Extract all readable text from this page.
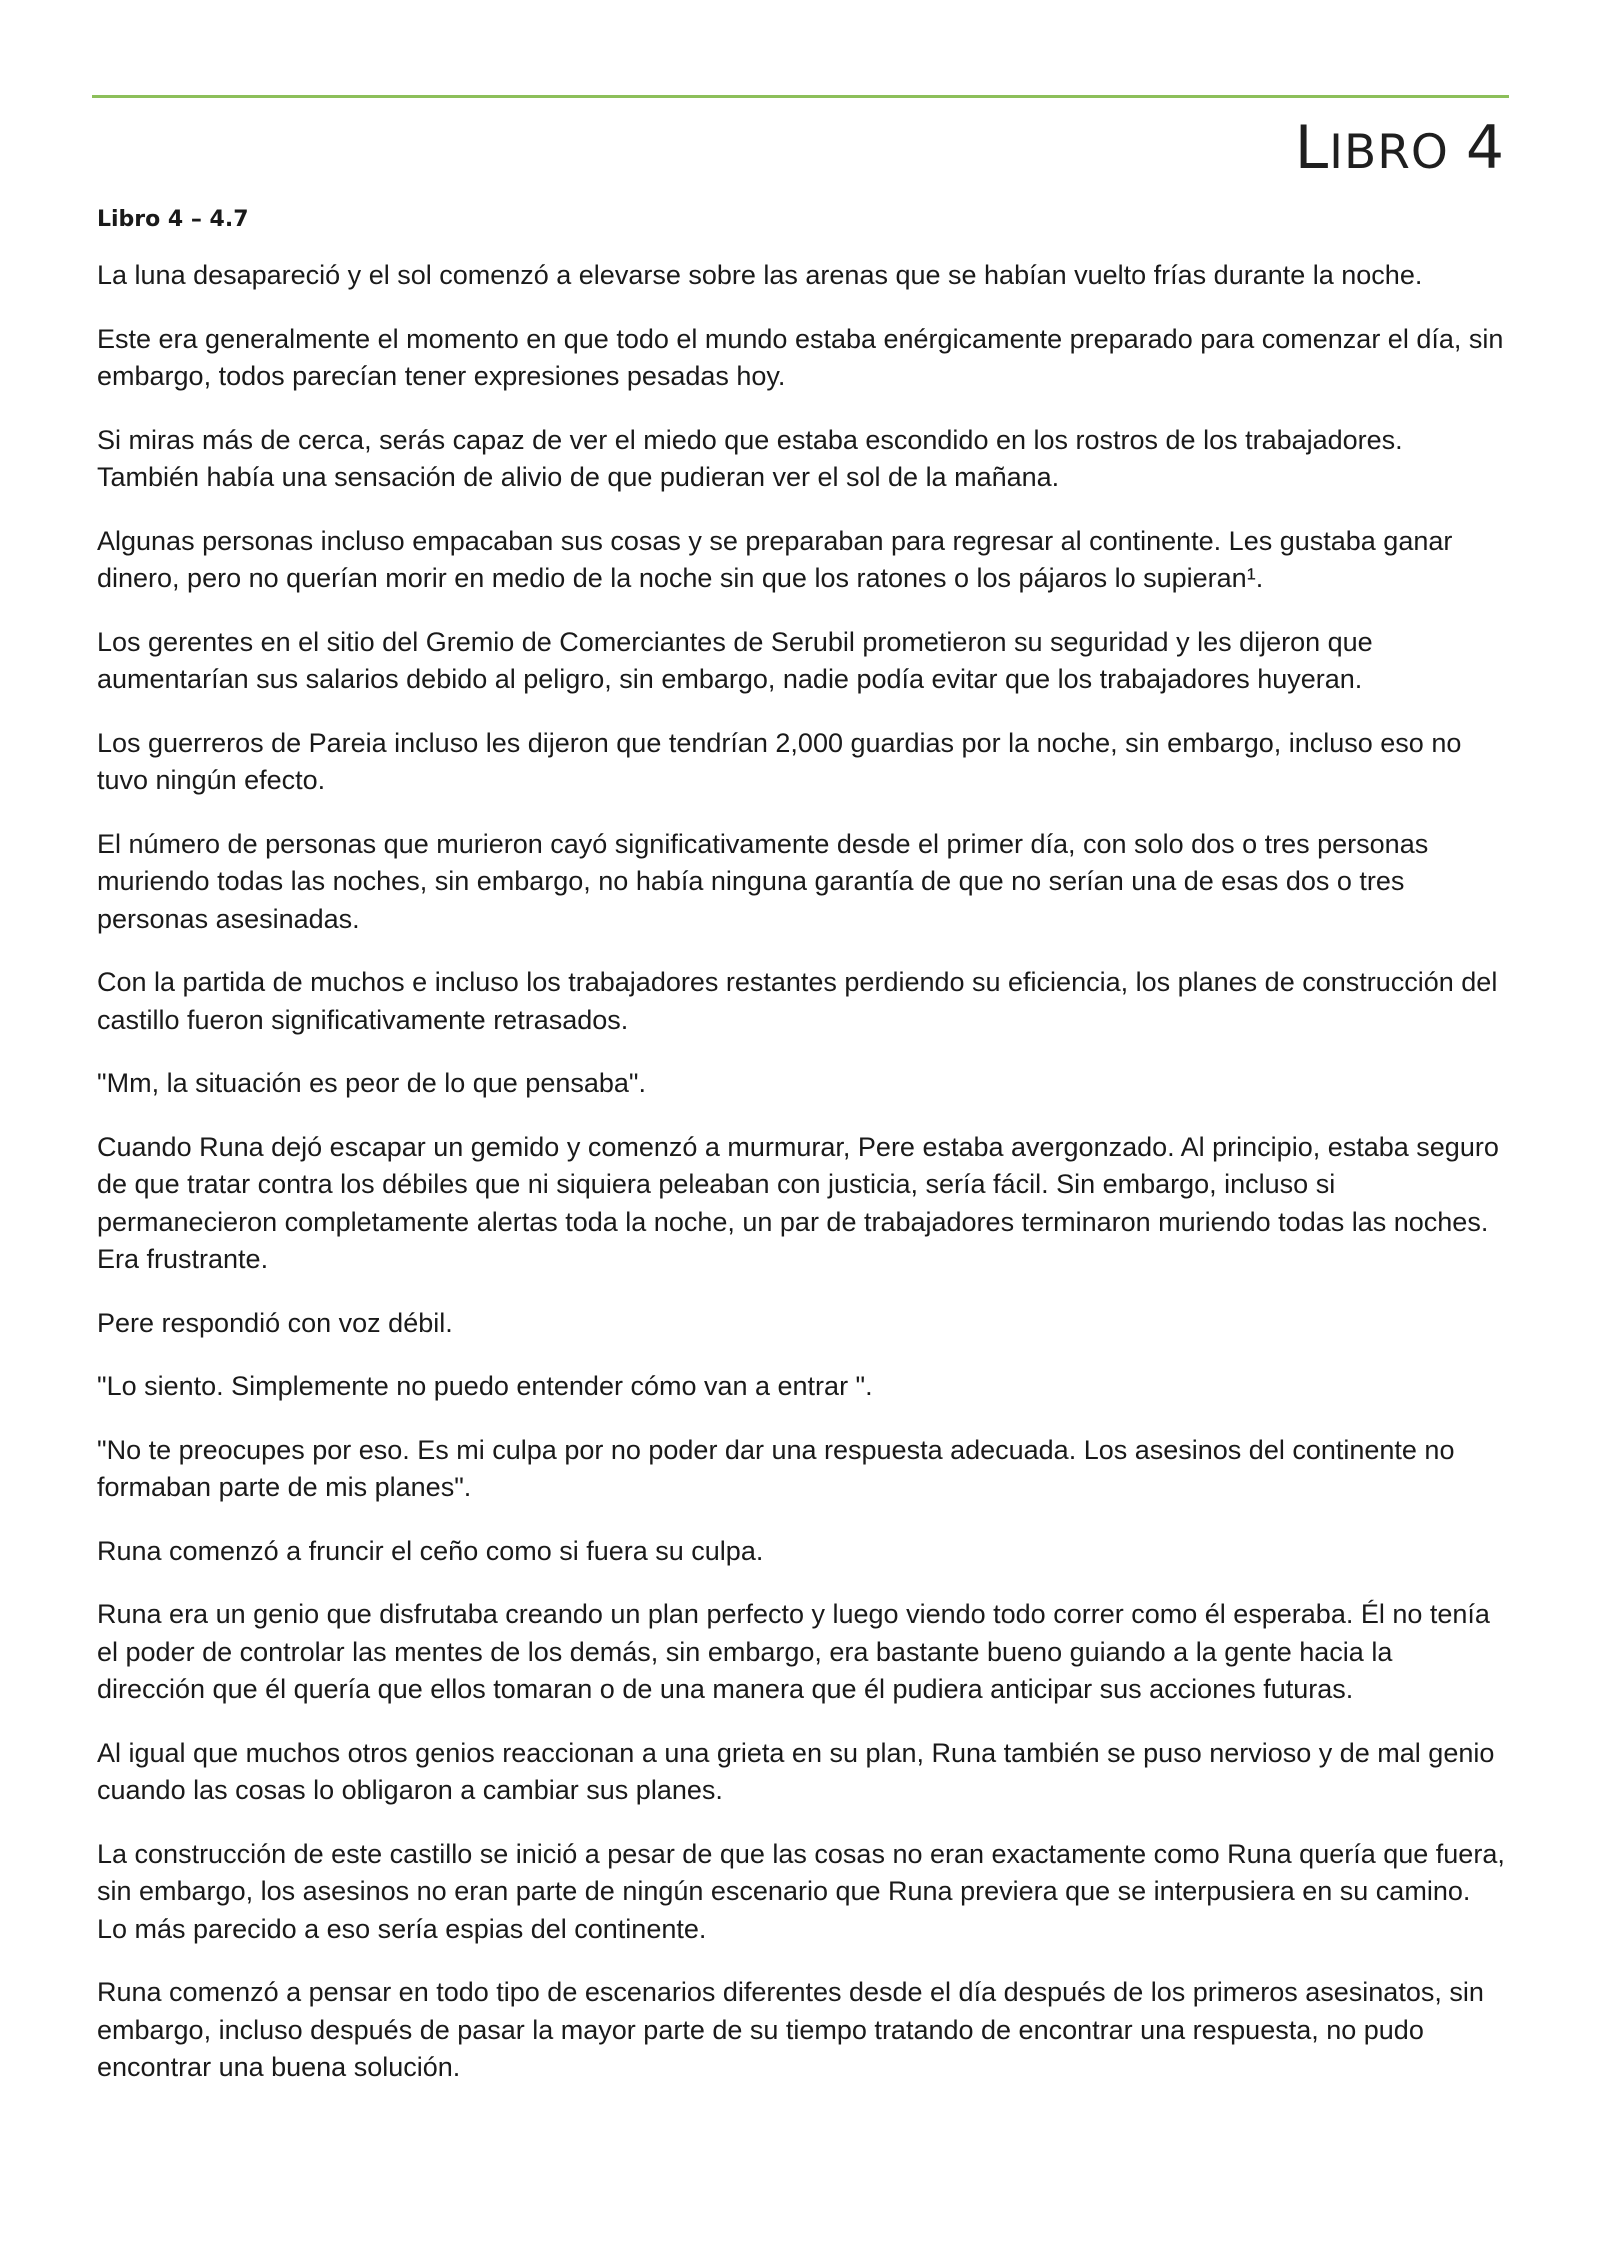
LIBRO 4
Libro 4 – 4.7

La luna desapareció y el sol comenzó a elevarse sobre las arenas que se habían vuelto frías durante la noche.

Este era generalmente el momento en que todo el mundo estaba enérgicamente preparado para comenzar el día, sin embargo, todos parecían tener expresiones pesadas hoy.

Si miras más de cerca, serás capaz de ver el miedo que estaba escondido en los rostros de los trabajadores. También había una sensación de alivio de que pudieran ver el sol de la mañana.

Algunas personas incluso empacaban sus cosas y se preparaban para regresar al continente. Les gustaba ganar dinero, pero no querían morir en medio de la noche sin que los ratones o los pájaros lo supieran¹.

Los gerentes en el sitio del Gremio de Comerciantes de Serubil prometieron su seguridad y les dijeron que aumentarían sus salarios debido al peligro, sin embargo, nadie podía evitar que los trabajadores huyeran.

Los guerreros de Pareia incluso les dijeron que tendrían 2,000 guardias por la noche, sin embargo, incluso eso no tuvo ningún efecto.

El número de personas que murieron cayó significativamente desde el primer día, con solo dos o tres personas muriendo todas las noches, sin embargo, no había ninguna garantía de que no serían una de esas dos o tres personas asesinadas.

Con la partida de muchos e incluso los trabajadores restantes perdiendo su eficiencia, los planes de construcción del castillo fueron significativamente retrasados.

"Mm, la situación es peor de lo que pensaba".

Cuando Runa dejó escapar un gemido y comenzó a murmurar, Pere estaba avergonzado. Al principio, estaba seguro de que tratar contra los débiles que ni siquiera peleaban con justicia, sería fácil. Sin embargo, incluso si permanecieron completamente alertas toda la noche, un par de trabajadores terminaron muriendo todas las noches. Era frustrante.

Pere respondió con voz débil.

"Lo siento. Simplemente no puedo entender cómo van a entrar ".

"No te preocupes por eso. Es mi culpa por no poder dar una respuesta adecuada. Los asesinos del continente no formaban parte de mis planes".

Runa comenzó a fruncir el ceño como si fuera su culpa.

Runa era un genio que disfrutaba creando un plan perfecto y luego viendo todo correr como él esperaba. Él no tenía el poder de controlar las mentes de los demás, sin embargo, era bastante bueno guiando a la gente hacia la dirección que él quería que ellos tomaran o de una manera que él pudiera anticipar sus acciones futuras.

Al igual que muchos otros genios reaccionan a una grieta en su plan, Runa también se puso nervioso y de mal genio cuando las cosas lo obligaron a cambiar sus planes.

La construcción de este castillo se inició a pesar de que las cosas no eran exactamente como Runa quería que fuera, sin embargo, los asesinos no eran parte de ningún escenario que Runa previera que se interpusiera en su camino. Lo más parecido a eso sería espias del continente.

Runa comenzó a pensar en todo tipo de escenarios diferentes desde el día después de los primeros asesinatos, sin embargo, incluso después de pasar la mayor parte de su tiempo tratando de encontrar una respuesta, no pudo encontrar una buena solución.
